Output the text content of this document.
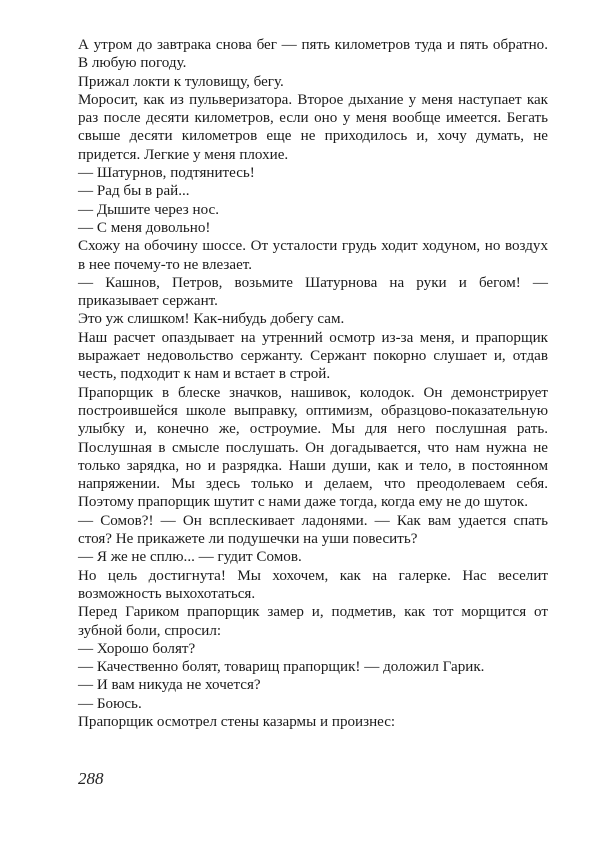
А утром до завтрака снова бег — пять километров туда и пять обратно. В любую погоду.

Прижал локти к туловищу, бегу.

Моросит, как из пульверизатора. Второе дыхание у меня наступает как раз после десяти километров, если оно у меня вообще имеется. Бегать свыше десяти километров еще не приходилось и, хочу думать, не придется. Легкие у меня плохие.

— Шатурнов, подтянитесь!

— Рад бы в рай...

— Дышите через нос.

— С меня довольно!

Схожу на обочину шоссе. От усталости грудь ходит ходуном, но воздух в нее почему-то не влезает.

— Кашнов, Петров, возьмите Шатурнова на руки и бегом! — приказывает сержант.

Это уж слишком! Как-нибудь добегу сам.

Наш расчет опаздывает на утренний осмотр из-за меня, и прапорщик выражает недовольство сержанту. Сержант покорно слушает и, отдав честь, подходит к нам и встает в строй.

Прапорщик в блеске значков, нашивок, колодок. Он демонстрирует построившейся школе выправку, оптимизм, образцово-показательную улыбку и, конечно же, остроумие. Мы для него послушная рать. Послушная в смысле послушать. Он догадывается, что нам нужна не только зарядка, но и разрядка. Наши души, как и тело, в постоянном напряжении. Мы здесь только и делаем, что преодолеваем себя. Поэтому прапорщик шутит с нами даже тогда, когда ему не до шуток.

— Сомов?! — Он всплескивает ладонями. — Как вам удается спать стоя? Не прикажете ли подушечки на уши повесить?

— Я же не сплю... — гудит Сомов.

Но цель достигнута! Мы хохочем, как на галерке. Нас веселит возможность выхохотаться.

Перед Гариком прапорщик замер и, подметив, как тот морщится от зубной боли, спросил:

— Хорошо болят?

— Качественно болят, товарищ прапорщик! — доложил Гарик.

— И вам никуда не хочется?

— Боюсь.

Прапорщик осмотрел стены казармы и произнес:

288
